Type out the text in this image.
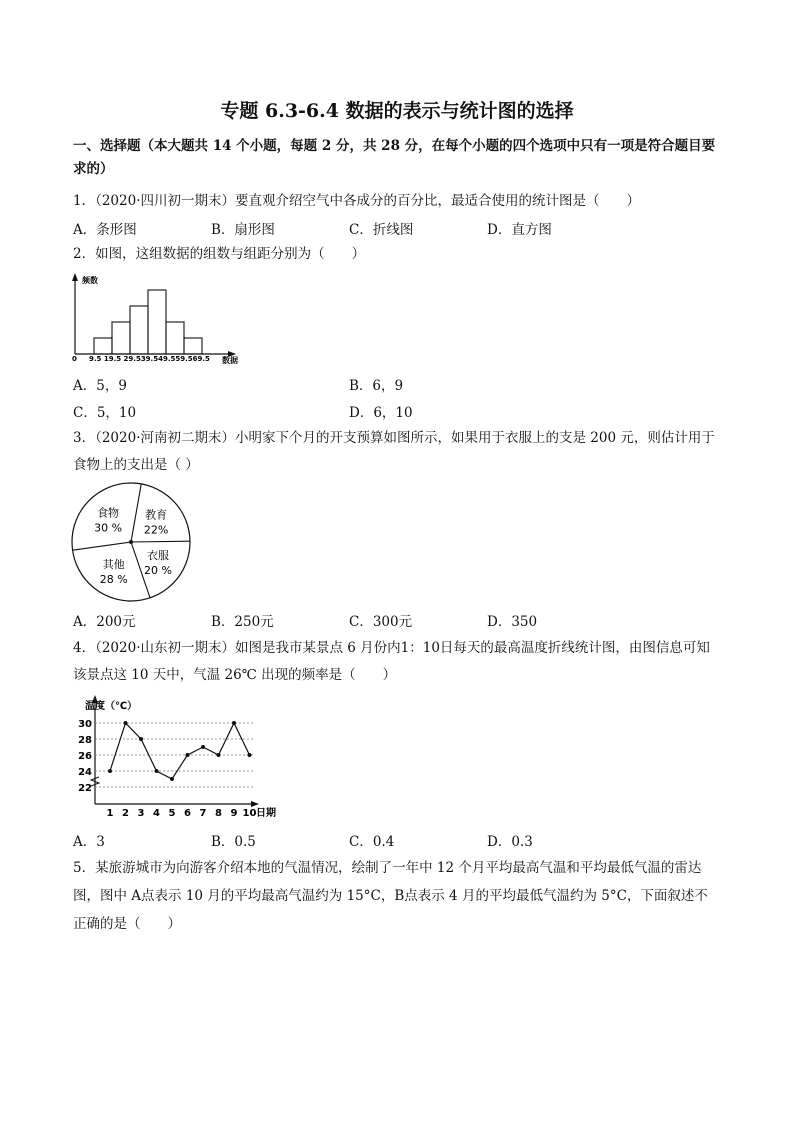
专题 6.3-6.4 数据的表示与统计图的选择
一、选择题（本大题共 14 个小题，每题 2 分，共 28 分，在每个小题的四个选项中只有一项是符合题目要求的）
1．（2020·四川初一期末）要直观介绍空气中各成分的百分比，最适合使用的统计图是（　　）
A．条形图	B．扇形图	C．折线图	D．直方图
2．如图，这组数据的组数与组距分别为（　　）
频数
0 9.5 19.5 29.539.549.559.569.5 数据
A．5，9	B．6，9
C．5，10	D．6，10
3．（2020·河南初二期末）小明家下个月的开支预算如图所示，如果用于衣服上的支是 200 元，则估计用于
食物上的支出是（ ）
教育
22%
衣服
20 %
其他
28 %
食物
30 %
A．200元	B．250元	C．300元	D．350
4．（2020·山东初一期末）如图是我市某景点 6 月份内1：10日每天的最高温度折线统计图，由图信息可知
该景点这 10 天中，气温 26℃ 出现的频率是（　　）
温度（℃）
日期
22
24
26
28
30
1 2 3 4 5 6 7 8 9 10
A．3	B．0.5	C．0.4	D．0.3
5．某旅游城市为向游客介绍本地的气温情况，绘制了一年中 12 个月平均最高气温和平均最低气温的雷达
图，图中 A点表示 10 月的平均最高气温约为 15°C，B点表示 4 月的平均最低气温约为 5°C，下面叙述不
正确的是（　　）
